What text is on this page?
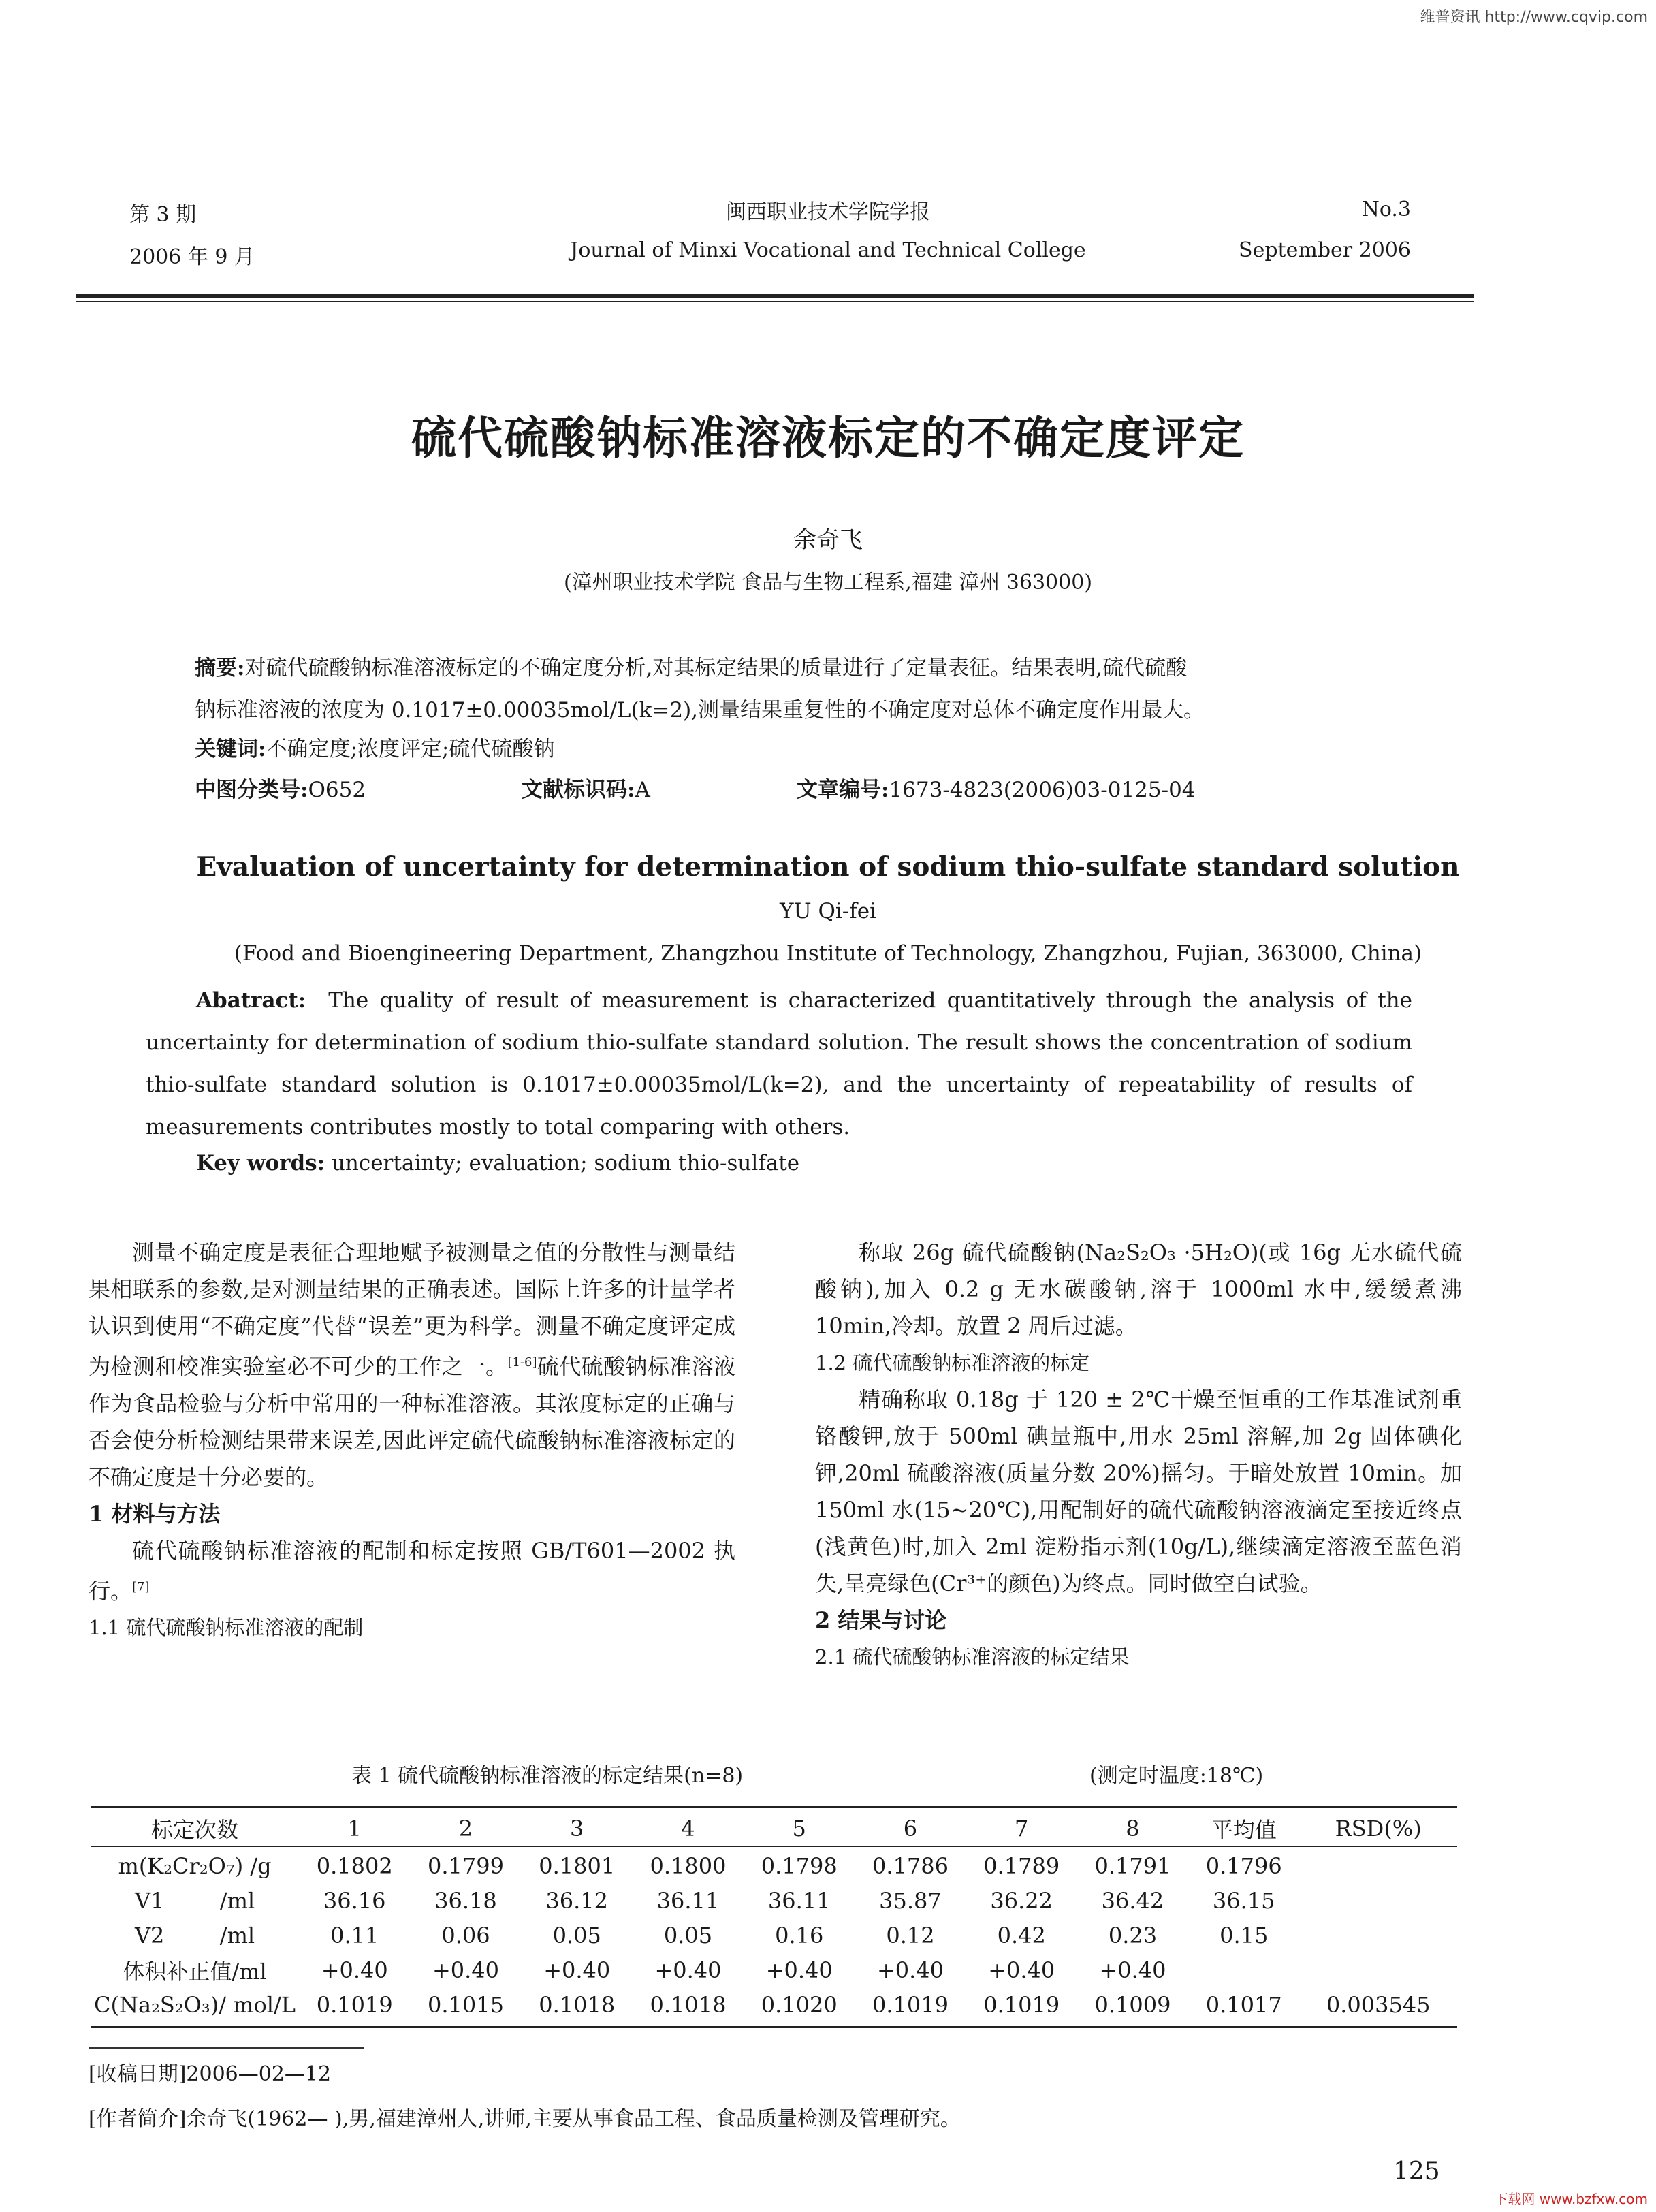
维普资讯 http://www.cqvip.com
第 3 期
2006 年 9 月
闽西职业技术学院学报
Journal of Minxi Vocational and Technical College
No.3
September 2006
硫代硫酸钠标准溶液标定的不确定度评定
余奇飞
(漳州职业技术学院 食品与生物工程系,福建 漳州 363000)
摘要:对硫代硫酸钠标准溶液标定的不确定度分析,对其标定结果的质量进行了定量表征。结果表明,硫代硫酸
钠标准溶液的浓度为 0.1017±0.00035mol/L(k=2),测量结果重复性的不确定度对总体不确定度作用最大。
关键词:不确定度;浓度评定;硫代硫酸钠
中图分类号:O652	文献标识码:A	文章编号:1673-4823(2006)03-0125-04
Evaluation of uncertainty for determination of sodium thio-sulfate standard solution
YU Qi-fei
(Food and Bioengineering Department, Zhangzhou Institute of Technology, Zhangzhou, Fujian, 363000, China)
Abatract: The quality of result of measurement is characterized quantitatively through the analysis of the uncertainty for determination of sodium thio-sulfate standard solution. The result shows the concentration of sodium thio-sulfate standard solution is 0.1017±0.00035mol/L(k=2), and the uncertainty of repeatability of results of measurements contributes mostly to total comparing with others.
Key words: uncertainty; evaluation; sodium thio-sulfate

测量不确定度是表征合理地赋予被测量之值的分散性与测量结果相联系的参数,是对测量结果的正确表述。国际上许多的计量学者认识到使用“不确定度”代替“误差”更为科学。测量不确定度评定成为检测和校准实验室必不可少的工作之一。[1-6]硫代硫酸钠标准溶液作为食品检验与分析中常用的一种标准溶液。其浓度标定的正确与否会使分析检测结果带来误差,因此评定硫代硫酸钠标准溶液标定的不确定度是十分必要的。

1 材料与方法

硫代硫酸钠标准溶液的配制和标定按照 GB/T601—2002 执行。[7]

1.1 硫代硫酸钠标准溶液的配制

称取 26g 硫代硫酸钠(Na₂S₂O₃ ·5H₂O)(或 16g 无水硫代硫酸钠),加入 0.2 g 无水碳酸钠,溶于 1000ml 水中,缓缓煮沸 10min,冷却。放置 2 周后过滤。

1.2 硫代硫酸钠标准溶液的标定

精确称取 0.18g 于 120 ± 2℃干燥至恒重的工作基准试剂重铬酸钾,放于 500ml 碘量瓶中,用水 25ml 溶解,加 2g 固体碘化钾,20ml 硫酸溶液(质量分数 20%)摇匀。于暗处放置 10min。加 150ml 水(15~20℃),用配制好的硫代硫酸钠溶液滴定至接近终点(浅黄色)时,加入 2ml 淀粉指示剂(10g/L),继续滴定溶液至蓝色消失,呈亮绿色(Cr³⁺的颜色)为终点。同时做空白试验。

2 结果与讨论

2.1 硫代硫酸钠标准溶液的标定结果

表 1 硫代硫酸钠标准溶液的标定结果(n=8)	(测定时温度:18℃)
标定次数	1	2	3	4	5	6	7	8	平均值	RSD(%)
m(K₂Cr₂O₇) /g	0.1802	0.1799	0.1801	0.1800	0.1798	0.1786	0.1789	0.1791	0.1796	
V1        /ml	36.16	36.18	36.12	36.11	36.11	35.87	36.22	36.42	36.15	
V2        /ml	0.11	0.06	0.05	0.05	0.16	0.12	0.42	0.23	0.15	
体积补正值/ml	+0.40	+0.40	+0.40	+0.40	+0.40	+0.40	+0.40	+0.40		
C(Na₂S₂O₃)/ mol/L	0.1019	0.1015	0.1018	0.1018	0.1020	0.1019	0.1019	0.1009	0.1017	0.003545
[收稿日期]2006—02—12
[作者简介]余奇飞(1962— ),男,福建漳州人,讲师,主要从事食品工程、食品质量检测及管理研究。
125
下载网 www.bzfxw.com
